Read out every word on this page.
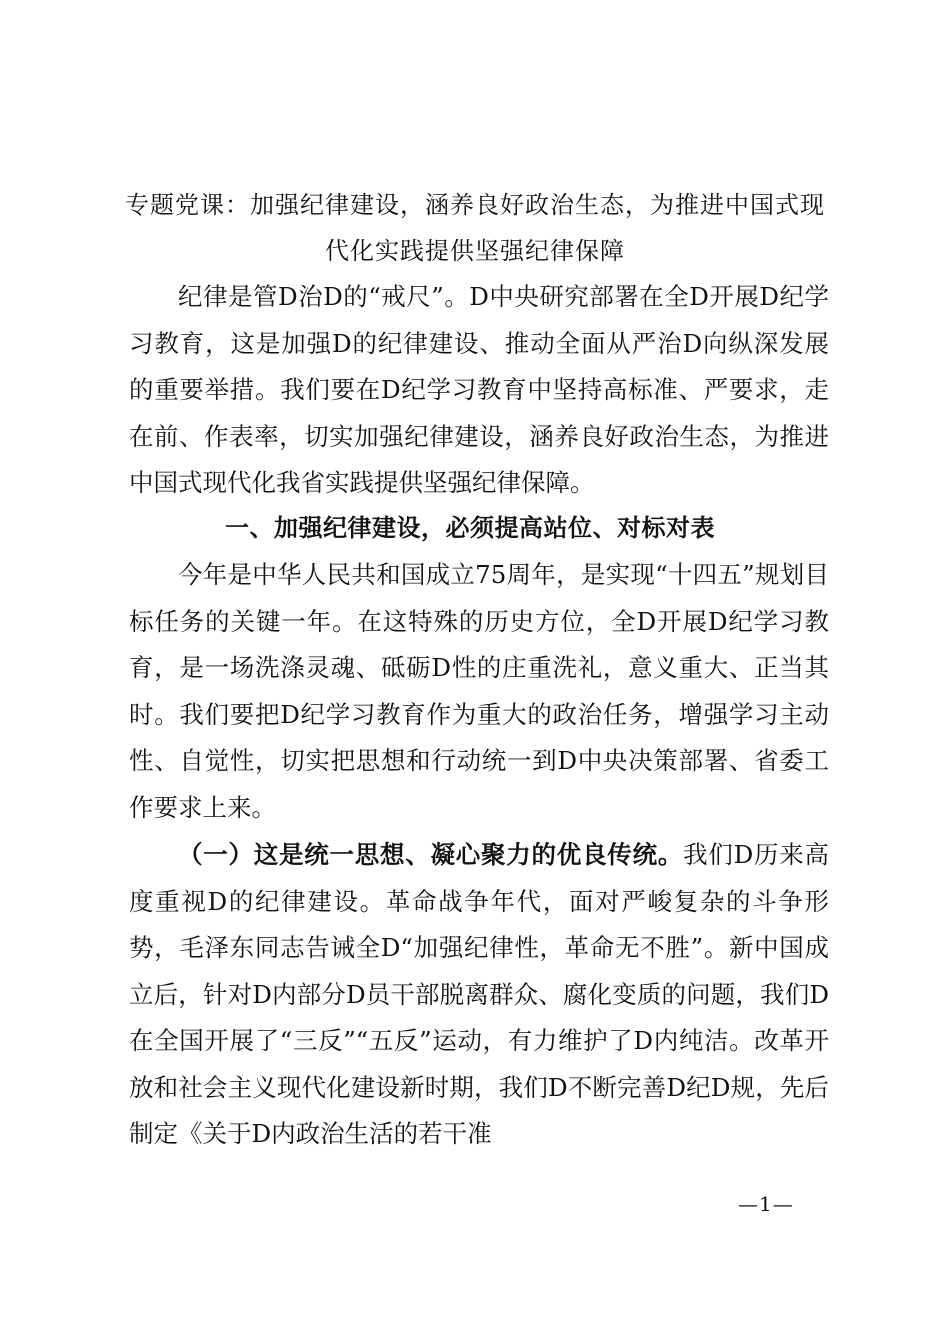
专题党课：加强纪律建设，涵养良好政治生态，为推进中国式现代化实践提供坚强纪律保障

纪律是管D治D的“戒尺”。D中央研究部署在全D开展D纪学习教育，这是加强D的纪律建设、推动全面从严治D向纵深发展的重要举措。我们要在D纪学习教育中坚持高标准、严要求，走在前、作表率，切实加强纪律建设，涵养良好政治生态，为推进中国式现代化我省实践提供坚强纪律保障。

一、加强纪律建设，必须提高站位、对标对表

今年是中华人民共和国成立75周年，是实现“十四五”规划目标任务的关键一年。在这特殊的历史方位，全D开展D纪学习教育，是一场洗涤灵魂、砥砺D性的庄重洗礼，意义重大、正当其时。我们要把D纪学习教育作为重大的政治任务，增强学习主动性、自觉性，切实把思想和行动统一到D中央决策部署、省委工作要求上来。

（一）这是统一思想、凝心聚力的优良传统。我们D历来高度重视D的纪律建设。革命战争年代，面对严峻复杂的斗争形势，毛泽东同志告诫全D“加强纪律性，革命无不胜”。新中国成立后，针对D内部分D员干部脱离群众、腐化变质的问题，我们D在全国开展了“三反”“五反”运动，有力维护了D内纯洁。改革开放和社会主义现代化建设新时期，我们D不断完善D纪D规，先后制定《关于D内政治生活的若干准

—1—
